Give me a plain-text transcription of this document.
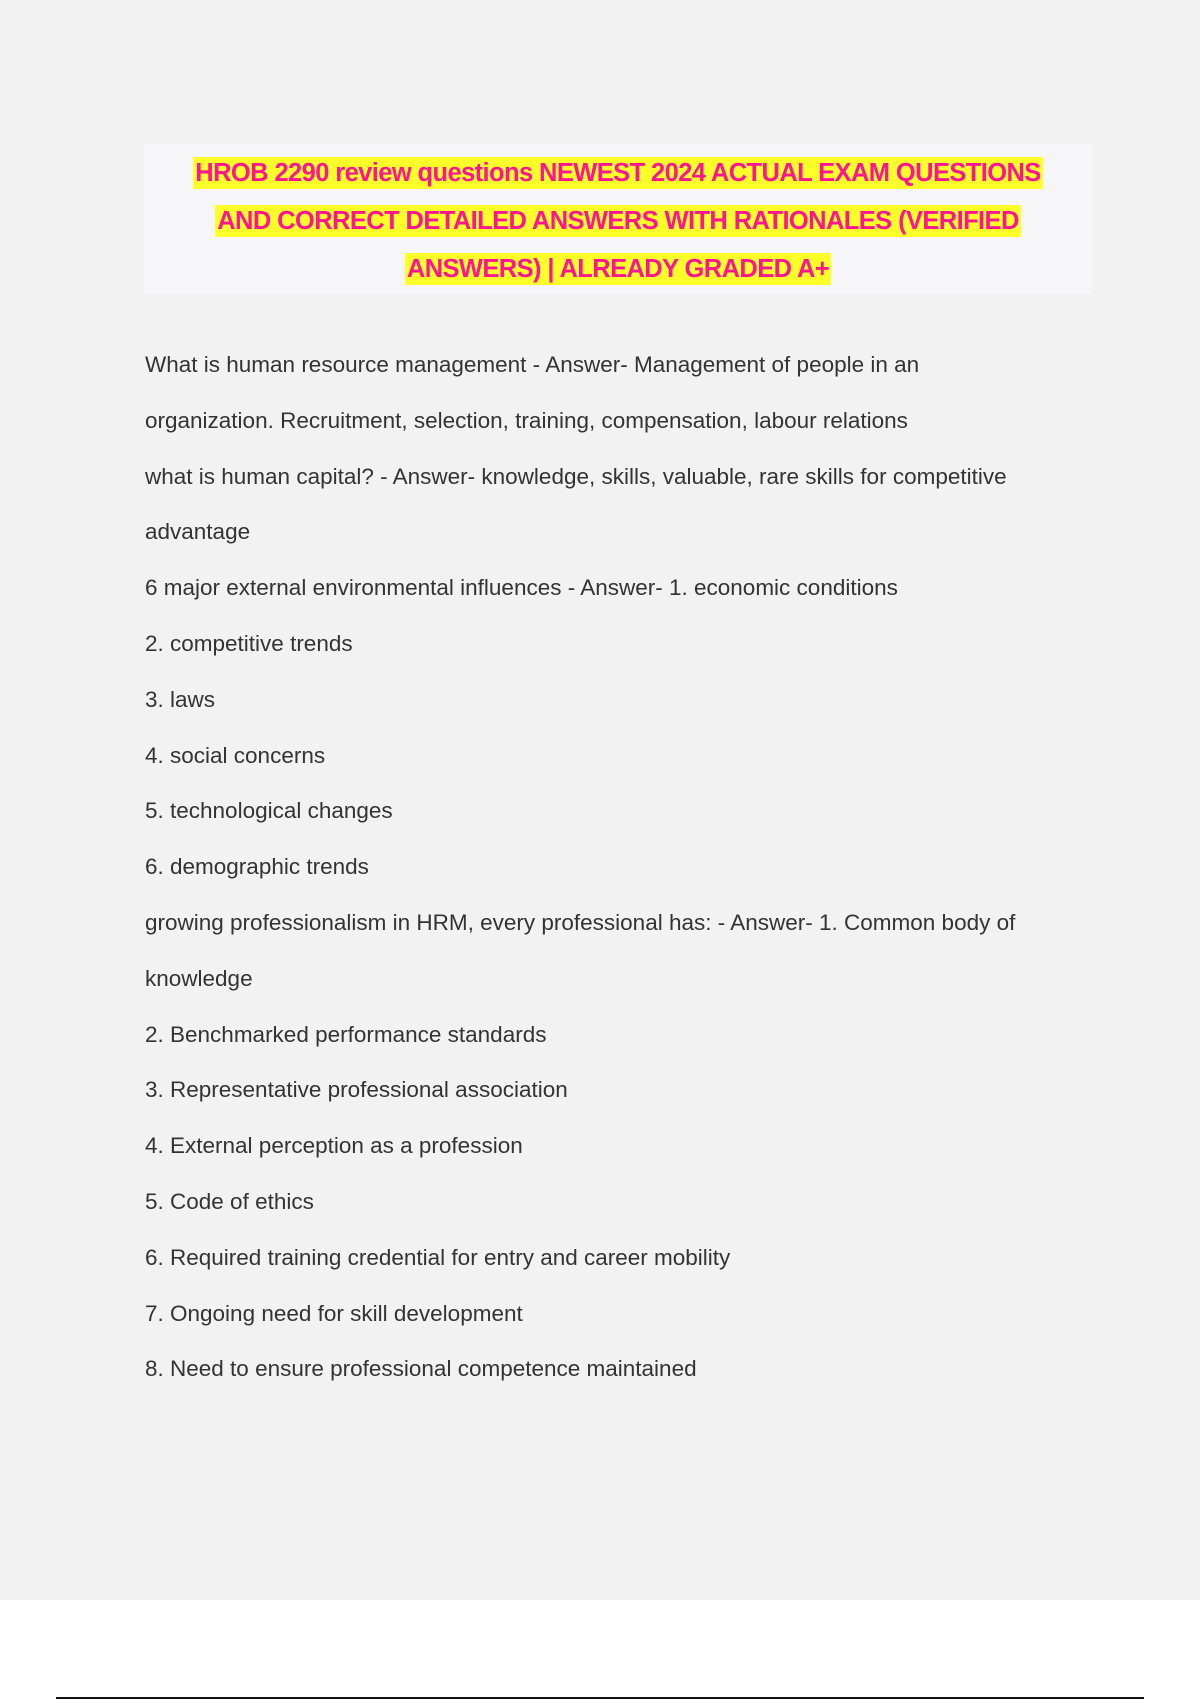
HROB 2290 review questions NEWEST 2024 ACTUAL EXAM QUESTIONS
AND CORRECT DETAILED ANSWERS WITH RATIONALES (VERIFIED
ANSWERS) | ALREADY GRADED A+
What is human resource management - Answer- Management of people in an
organization. Recruitment, selection, training, compensation, labour relations
what is human capital? - Answer- knowledge, skills, valuable, rare skills for competitive
advantage
6 major external environmental influences - Answer- 1. economic conditions
2. competitive trends
3. laws
4. social concerns
5. technological changes
6. demographic trends
growing professionalism in HRM, every professional has: - Answer- 1. Common body of
knowledge
2. Benchmarked performance standards
3. Representative professional association
4. External perception as a profession
5. Code of ethics
6. Required training credential for entry and career mobility
7. Ongoing need for skill development
8. Need to ensure professional competence maintained
